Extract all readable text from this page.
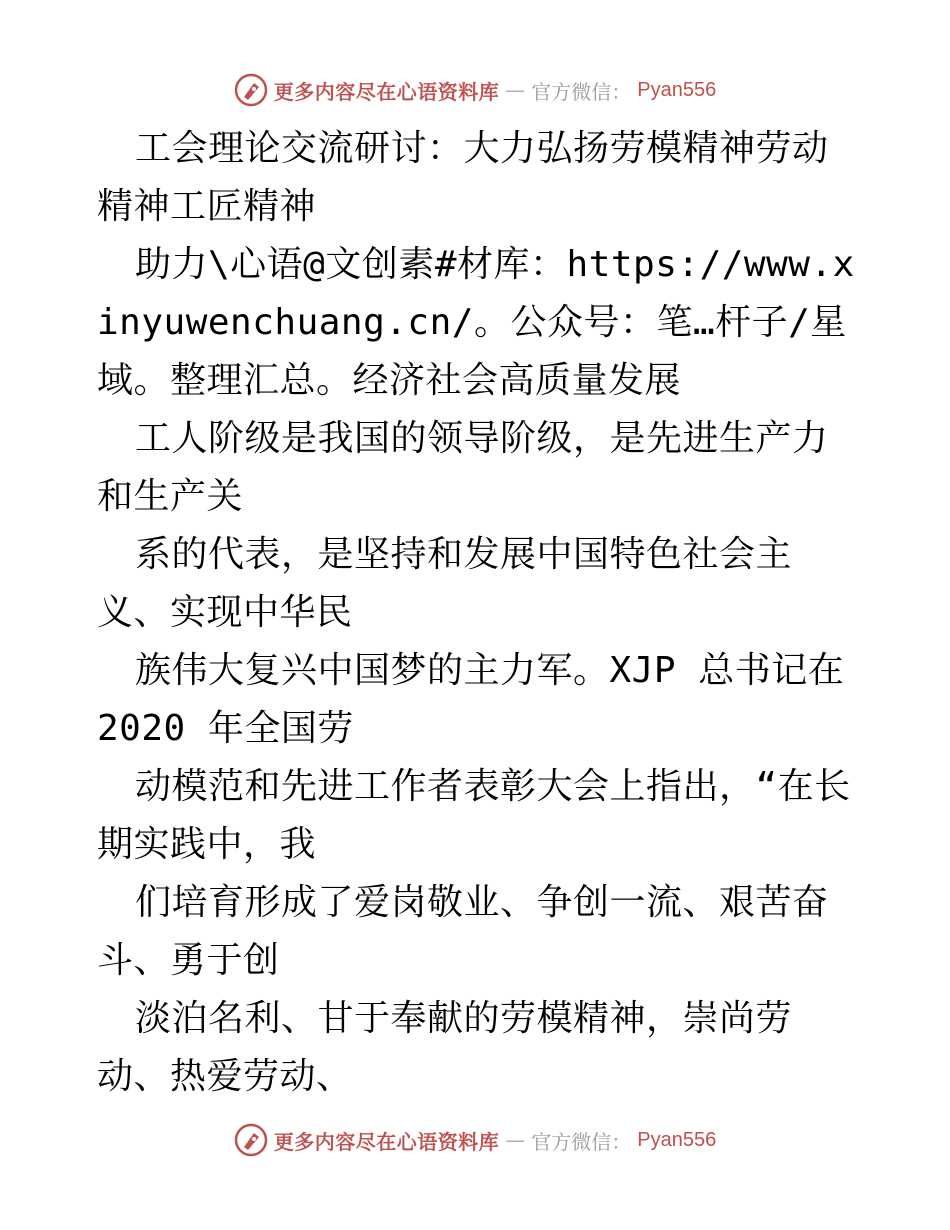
更多内容尽在心语资料库 — 官方微信： Pyan556

工会理论交流研讨：大力弘扬劳模精神劳动精神工匠精神

助力\心语@文创素#材库：https://www.xinyuwenchuang.cn/。公众号：笔…杆子/星域。整理汇总。经济社会高质量发展

工人阶级是我国的领导阶级，是先进生产力和生产关

系的代表，是坚持和发展中国特色社会主义、实现中华民

族伟大复兴中国梦的主力军。XJP 总书记在 2020 年全国劳

动模范和先进工作者表彰大会上指出，“在长期实践中，我

们培育形成了爱岗敬业、争创一流、艰苦奋斗、勇于创

淡泊名利、甘于奉献的劳模精神，崇尚劳动、热爱劳动、

更多内容尽在心语资料库 — 官方微信： Pyan556
